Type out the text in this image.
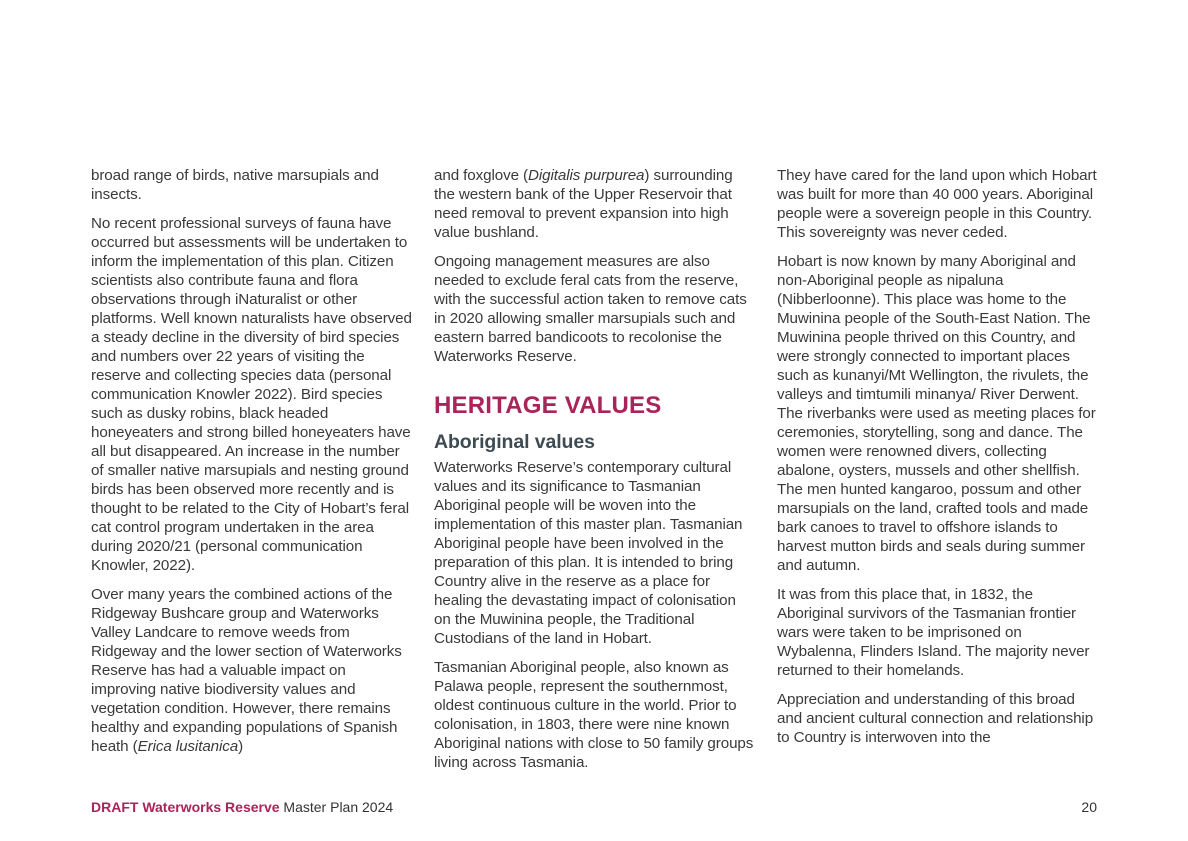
broad range of birds, native marsupials and insects.

No recent professional surveys of fauna have occurred but assessments will be undertaken to inform the implementation of this plan. Citizen scientists also contribute fauna and flora observations through iNaturalist or other platforms. Well known naturalists have observed a steady decline in the diversity of bird species and numbers over 22 years of visiting the reserve and collecting species data (personal communication Knowler 2022). Bird species such as dusky robins, black headed honeyeaters and strong billed honeyeaters have all but disappeared. An increase in the number of smaller native marsupials and nesting ground birds has been observed more recently and is thought to be related to the City of Hobart’s feral cat control program undertaken in the area during 2020/21 (personal communication Knowler, 2022).

Over many years the combined actions of the Ridgeway Bushcare group and Waterworks Valley Landcare to remove weeds from Ridgeway and the lower section of Waterworks Reserve has had a valuable impact on improving native biodiversity values and vegetation condition. However, there remains healthy and expanding populations of Spanish heath (Erica lusitanica)

and foxglove (Digitalis purpurea) surrounding the western bank of the Upper Reservoir that need removal to prevent expansion into high value bushland.

Ongoing management measures are also needed to exclude feral cats from the reserve, with the successful action taken to remove cats in 2020 allowing smaller marsupials such and eastern barred bandicoots to recolonise the Waterworks Reserve.

HERITAGE VALUES
Aboriginal values

Waterworks Reserve’s contemporary cultural values and its significance to Tasmanian Aboriginal people will be woven into the implementation of this master plan. Tasmanian Aboriginal people have been involved in the preparation of this plan. It is intended to bring Country alive in the reserve as a place for healing the devastating impact of colonisation on the Muwinina people, the Traditional Custodians of the land in Hobart.

Tasmanian Aboriginal people, also known as Palawa people, represent the southernmost, oldest continuous culture in the world. Prior to colonisation, in 1803, there were nine known Aboriginal nations with close to 50 family groups living across Tasmania.

They have cared for the land upon which Hobart was built for more than 40 000 years. Aboriginal people were a sovereign people in this Country. This sovereignty was never ceded.

Hobart is now known by many Aboriginal and non-Aboriginal people as nipaluna (Nibberloonne). This place was home to the Muwinina people of the South-East Nation. The Muwinina people thrived on this Country, and were strongly connected to important places such as kunanyi/Mt Wellington, the rivulets, the valleys and timtumili minanya/ River Derwent. The riverbanks were used as meeting places for ceremonies, storytelling, song and dance. The women were renowned divers, collecting abalone, oysters, mussels and other shellfish. The men hunted kangaroo, possum and other marsupials on the land, crafted tools and made bark canoes to travel to offshore islands to harvest mutton birds and seals during summer and autumn.

It was from this place that, in 1832, the Aboriginal survivors of the Tasmanian frontier wars were taken to be imprisoned on Wybalenna, Flinders Island. The majority never returned to their homelands.

Appreciation and understanding of this broad and ancient cultural connection and relationship to Country is interwoven into the

DRAFT Waterworks Reserve Master Plan 2024	20
